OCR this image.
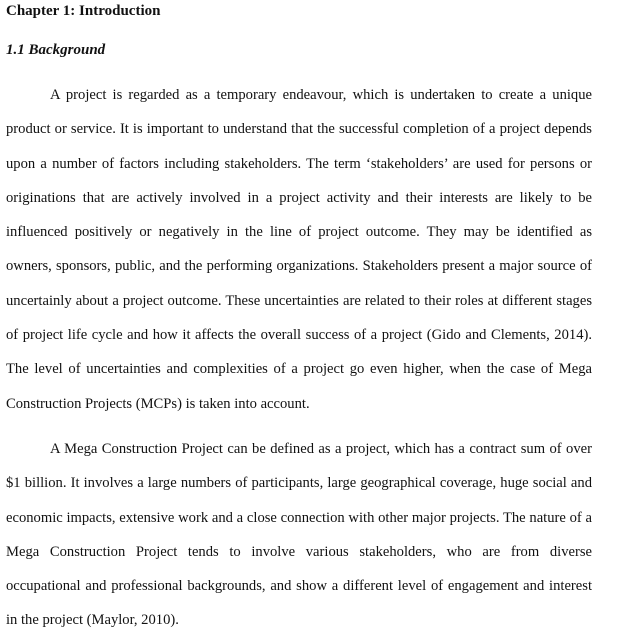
Chapter 1: Introduction
1.1 Background

A project is regarded as a temporary endeavour, which is undertaken to create a unique product or service. It is important to understand that the successful completion of a project depends upon a number of factors including stakeholders. The term ‘stakeholders’ are used for persons or originations that are actively involved in a project activity and their interests are likely to be influenced positively or negatively in the line of project outcome. They may be identified as owners, sponsors, public, and the performing organizations. Stakeholders present a major source of uncertainly about a project outcome. These uncertainties are related to their roles at different stages of project life cycle and how it affects the overall success of a project (Gido and Clements, 2014). The level of uncertainties and complexities of a project go even higher, when the case of Mega Construction Projects (MCPs) is taken into account.

A Mega Construction Project can be defined as a project, which has a contract sum of over $1 billion. It involves a large numbers of participants, large geographical coverage, huge social and economic impacts, extensive work and a close connection with other major projects. The nature of a Mega Construction Project tends to involve various stakeholders, who are from diverse occupational and professional backgrounds, and show a different level of engagement and interest in the project (Maylor, 2010).
